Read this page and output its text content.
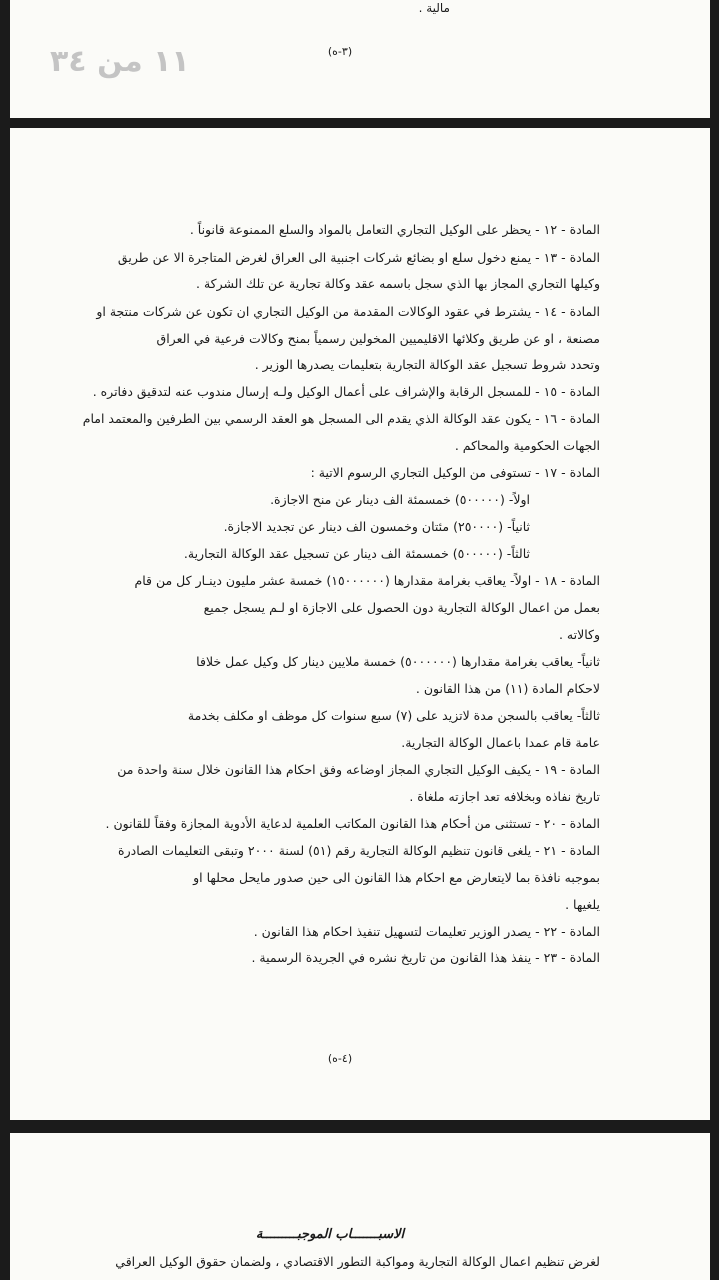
مالية .
(٣-ه)
١١ من ٣٤
المادة - ١٢ - يحظر على الوكيل التجاري التعامل بالمواد والسلع الممنوعة قانوناً .
المادة - ١٣ - يمنع دخول سلع او بضائع شركات اجنبية الى العراق لغرض المتاجرة الا عن طريق
وكيلها التجاري المجاز بها الذي سجل باسمه عقد وكالة تجارية عن تلك الشركة .
المادة - ١٤ - يشترط في عقود الوكالات المقدمة من الوكيل التجاري ان تكون عن شركات منتجة او
مصنعة ، او عن طريق وكلائها الاقليميين المخولين رسمياً بمنح وكالات فرعية في العراق
وتحدد شروط تسجيل عقد الوكالة التجارية بتعليمات يصدرها الوزير .
المادة - ١٥ - للمسجل الرقابة والإشراف على أعمال الوكيل ولـه إرسال مندوب عنه لتدقيق دفاتره .
المادة - ١٦ - يكون عقد الوكالة الذي يقدم الى المسجل هو العقد الرسمي بين الطرفين والمعتمد امام
الجهات الحكومية والمحاكم .
المادة - ١٧ - تستوفى من الوكيل التجاري الرسوم الاتية :
اولاً- (٥٠٠٠٠٠) خمسمئة الف دينار عن منح الاجازة.
ثانياً- (٢٥٠٠٠٠) مئتان وخمسون الف دينار عن تجديد الاجازة.
ثالثاً- (٥٠٠٠٠٠) خمسمئة الف دينار عن تسجيل عقد الوكالة التجارية.
المادة - ١٨ - اولاً- يعاقب بغرامة مقدارها (١٥٠٠٠٠٠٠) خمسة عشر مليون دينـار كل من قام
بعمل من اعمال الوكالة التجارية دون الحصول على الاجازة او لـم يسجل جميع
وكالاته .
ثانياً- يعاقب بغرامة مقدارها (٥٠٠٠٠٠٠) خمسة ملايين دينار كل وكيل عمل خلافا
لاحكام المادة (١١) من هذا القانون .
ثالثاً- يعاقب بالسجن مدة لاتزيد على (٧) سبع سنوات كل موظف او مكلف بخدمة
عامة قام عمدا باعمال الوكالة التجارية.
المادة - ١٩ - يكيف الوكيل التجاري المجاز اوضاعه وفق احكام هذا القانون خلال سنة واحدة من
تاريخ نفاذه وبخلافه تعد اجازته ملغاة .
المادة - ٢٠ - تستثنى من أحكام هذا القانون المكاتب العلمية لدعاية الأدوية المجازة وفقاً للقانون .
المادة - ٢١ - يلغى قانون تنظيم الوكالة التجارية رقم (٥١) لسنة ٢٠٠٠ وتبقى التعليمات الصادرة
بموجبه نافذة بما لايتعارض مع احكام هذا القانون الى حين صدور مايحل محلها او
يلغيها .
المادة - ٢٢ - يصدر الوزير تعليمات لتسهيل تنفيذ احكام هذا القانون .
المادة - ٢٣ - ينفذ هذا القانون من تاريخ نشره في الجريدة الرسمية .
(٤-ه)
الاسبـــــــاب الموجبـــــــــة
لغرض تنظيم اعمال الوكالة التجارية ومواكبة التطور الاقتصادي ، ولضمان حقوق الوكيل العراقي
